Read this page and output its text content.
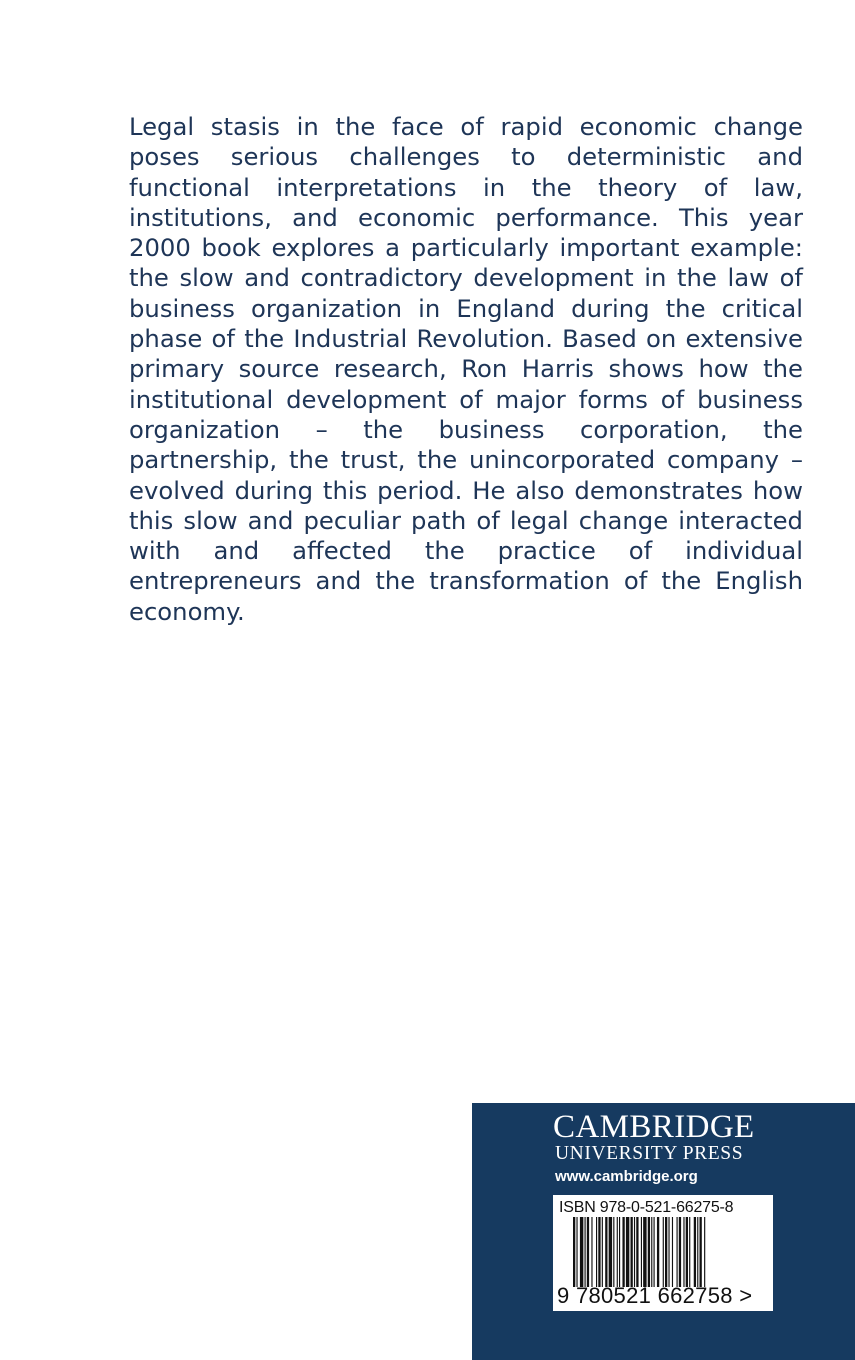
Legal stasis in the face of rapid economic change poses serious challenges to deterministic and functional interpretations in the theory of law, institutions, and economic performance. This year 2000 book explores a particularly important example: the slow and contradictory development in the law of business organization in England during the critical phase of the Industrial Revolution. Based on extensive primary source research, Ron Harris shows how the institutional development of major forms of business organization – the business corporation, the partnership, the trust, the unincorporated company – evolved during this period. He also demonstrates how this slow and peculiar path of legal change interacted with and affected the practice of individual entrepreneurs and the transformation of the English economy.

CAMBRIDGE

UNIVERSITY PRESS

www.cambridge.org

ISBN 978-0-521-66275-8

9 780521 662758 >
